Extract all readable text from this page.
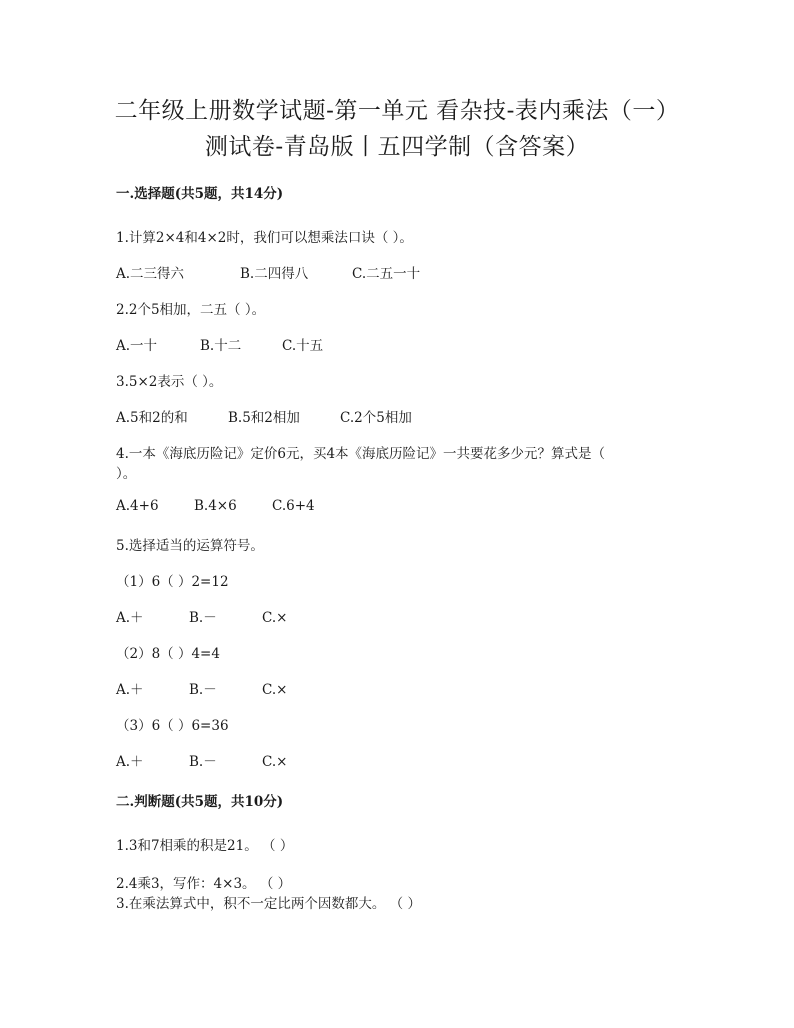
二年级上册数学试题-第一单元 看杂技-表内乘法（一）
测试卷-青岛版丨五四学制（含答案）
一.选择题(共5题，共14分)
1.计算2×4和4×2时，我们可以想乘法口诀（ ）。
A.二三得六	B.二四得八	C.二五一十
2.2个5相加，二五（ ）。
A.一十	B.十二	C.十五
3.5×2表示（ ）。
A.5和2的和	B.5和2相加	C.2个5相加
4.一本《海底历险记》定价6元，买4本《海底历险记》一共要花多少元？算式是（
）。
A.4+6	B.4×6	C.6+4
5.选择适当的运算符号。
（1）6（ ）2=12
A.＋	B.－	C.×
（2）8（ ）4=4
A.＋	B.－	C.×
（3）6（ ）6=36
A.＋	B.－	C.×
二.判断题(共5题，共10分)
1.3和7相乘的积是21。 （ ）
2.4乘3，写作：4×3。 （ ）
3.在乘法算式中，积不一定比两个因数都大。 （ ）
